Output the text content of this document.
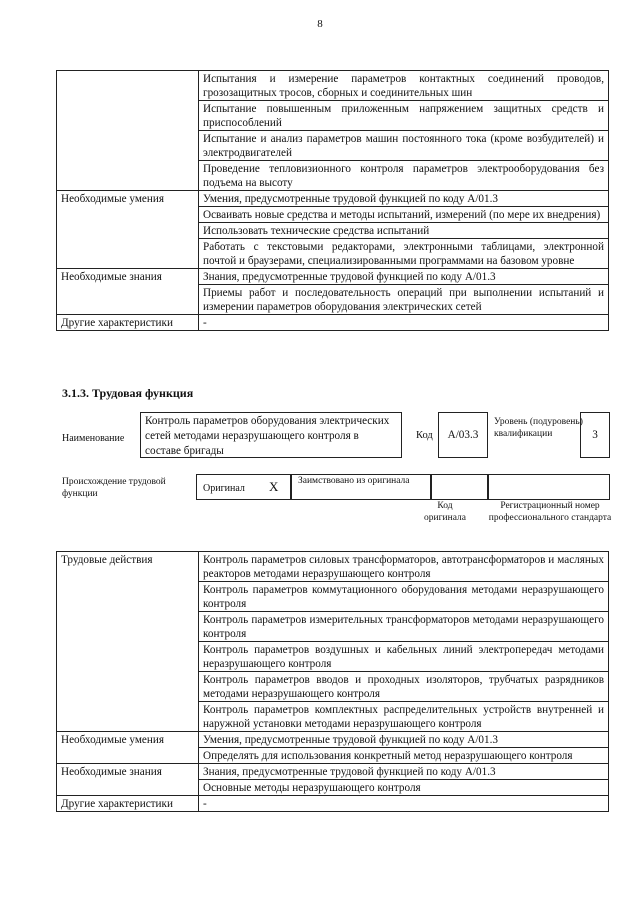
8
	Испытания и измерение параметров контактных соединений проводов, грозозащитных тросов, сборных и соединительных шин
	Испытание повышенным приложенным напряжением защитных средств и приспособлений
	Испытание и анализ параметров машин постоянного тока (кроме возбудителей) и электродвигателей
	Проведение тепловизионного контроля параметров электрооборудования без подъема на высоту
Необходимые умения	Умения, предусмотренные трудовой функцией по коду А/01.3
	Осваивать новые средства и методы испытаний, измерений (по мере их внедрения)
	Использовать технические средства испытаний
	Работать с текстовыми редакторами, электронными таблицами, электронной почтой и браузерами, специализированными программами на базовом уровне
Необходимые знания	Знания, предусмотренные трудовой функцией по коду А/01.3
	Приемы работ и последовательность операций при выполнении испытаний и измерении параметров оборудования электрических сетей
Другие характеристики	-
3.1.3. Трудовая функция
Наименование
Контроль параметров оборудования электрических сетей методами неразрушающего контроля в составе бригады
Код	А/03.3
Уровень (подуровень) квалификации	3
Происхождение трудовой функции	Оригинал X Заимствовано из оригинала
Код оригинала
Регистрационный номер профессионального стандарта
Трудовые действия	Контроль параметров силовых трансформаторов, автотрансформаторов и масляных реакторов методами неразрушающего контроля
	Контроль параметров коммутационного оборудования методами неразрушающего контроля
	Контроль параметров измерительных трансформаторов методами неразрушающего контроля
	Контроль параметров воздушных и кабельных линий электропередач методами неразрушающего контроля
	Контроль параметров вводов и проходных изоляторов, трубчатых разрядников методами неразрушающего контроля
	Контроль параметров комплектных распределительных устройств внутренней и наружной установки методами неразрушающего контроля
Необходимые умения	Умения, предусмотренные трудовой функцией по коду А/01.3
	Определять для использования конкретный метод неразрушающего контроля
Необходимые знания	Знания, предусмотренные трудовой функцией по коду А/01.3
	Основные методы неразрушающего контроля
Другие характеристики	-
